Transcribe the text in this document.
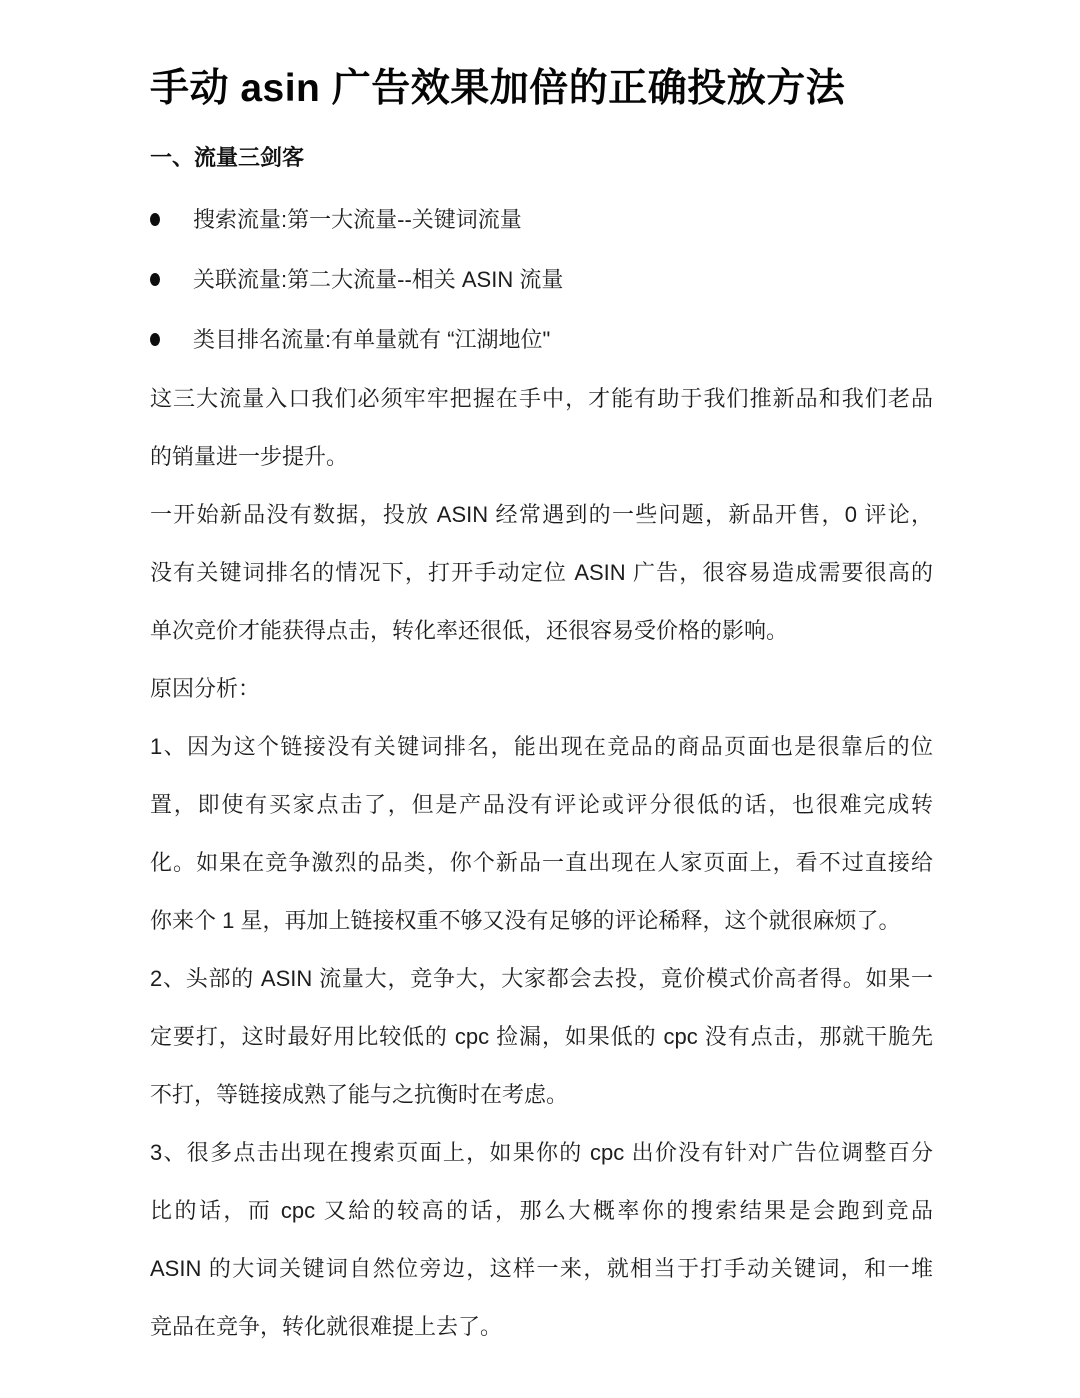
手动 asin 广告效果加倍的正确投放方法
一、流量三剑客
搜索流量:第一大流量--关键词流量
关联流量:第二大流量--相关 ASIN 流量
类目排名流量:有单量就有 “江湖地位"
这三大流量入口我们必须牢牢把握在手中，才能有助于我们推新品和我们老品
的销量进一步提升。
一开始新品没有数据，投放 ASIN 经常遇到的一些问题，新品开售，0 评论，
没有关键词排名的情况下，打开手动定位 ASIN 广告，很容易造成需要很高的
单次竞价才能获得点击，转化率还很低，还很容易受价格的影响。
原因分析：
1、因为这个链接没有关键词排名，能出现在竞品的商品页面也是很靠后的位
置，即使有买家点击了，但是产品没有评论或评分很低的话，也很难完成转
化。如果在竞争激烈的品类，你个新品一直出现在人家页面上，看不过直接给
你来个 1 星，再加上链接权重不够又没有足够的评论稀释，这个就很麻烦了。
2、头部的 ASIN 流量大，竞争大，大家都会去投，竟价模式价高者得。如果一
定要打，这时最好用比较低的 cpc 捡漏，如果低的 cpc 没有点击，那就干脆先
不打，等链接成熟了能与之抗衡时在考虑。
3、很多点击出现在搜索页面上，如果你的 cpc 出价没有针对广告位调整百分
比的话，而 cpc 又給的较高的话，那么大概率你的搜索结果是会跑到竞品
ASIN 的大词关键词自然位旁边，这样一来，就相当于打手动关键词，和一堆
竞品在竞争，转化就很难提上去了。
